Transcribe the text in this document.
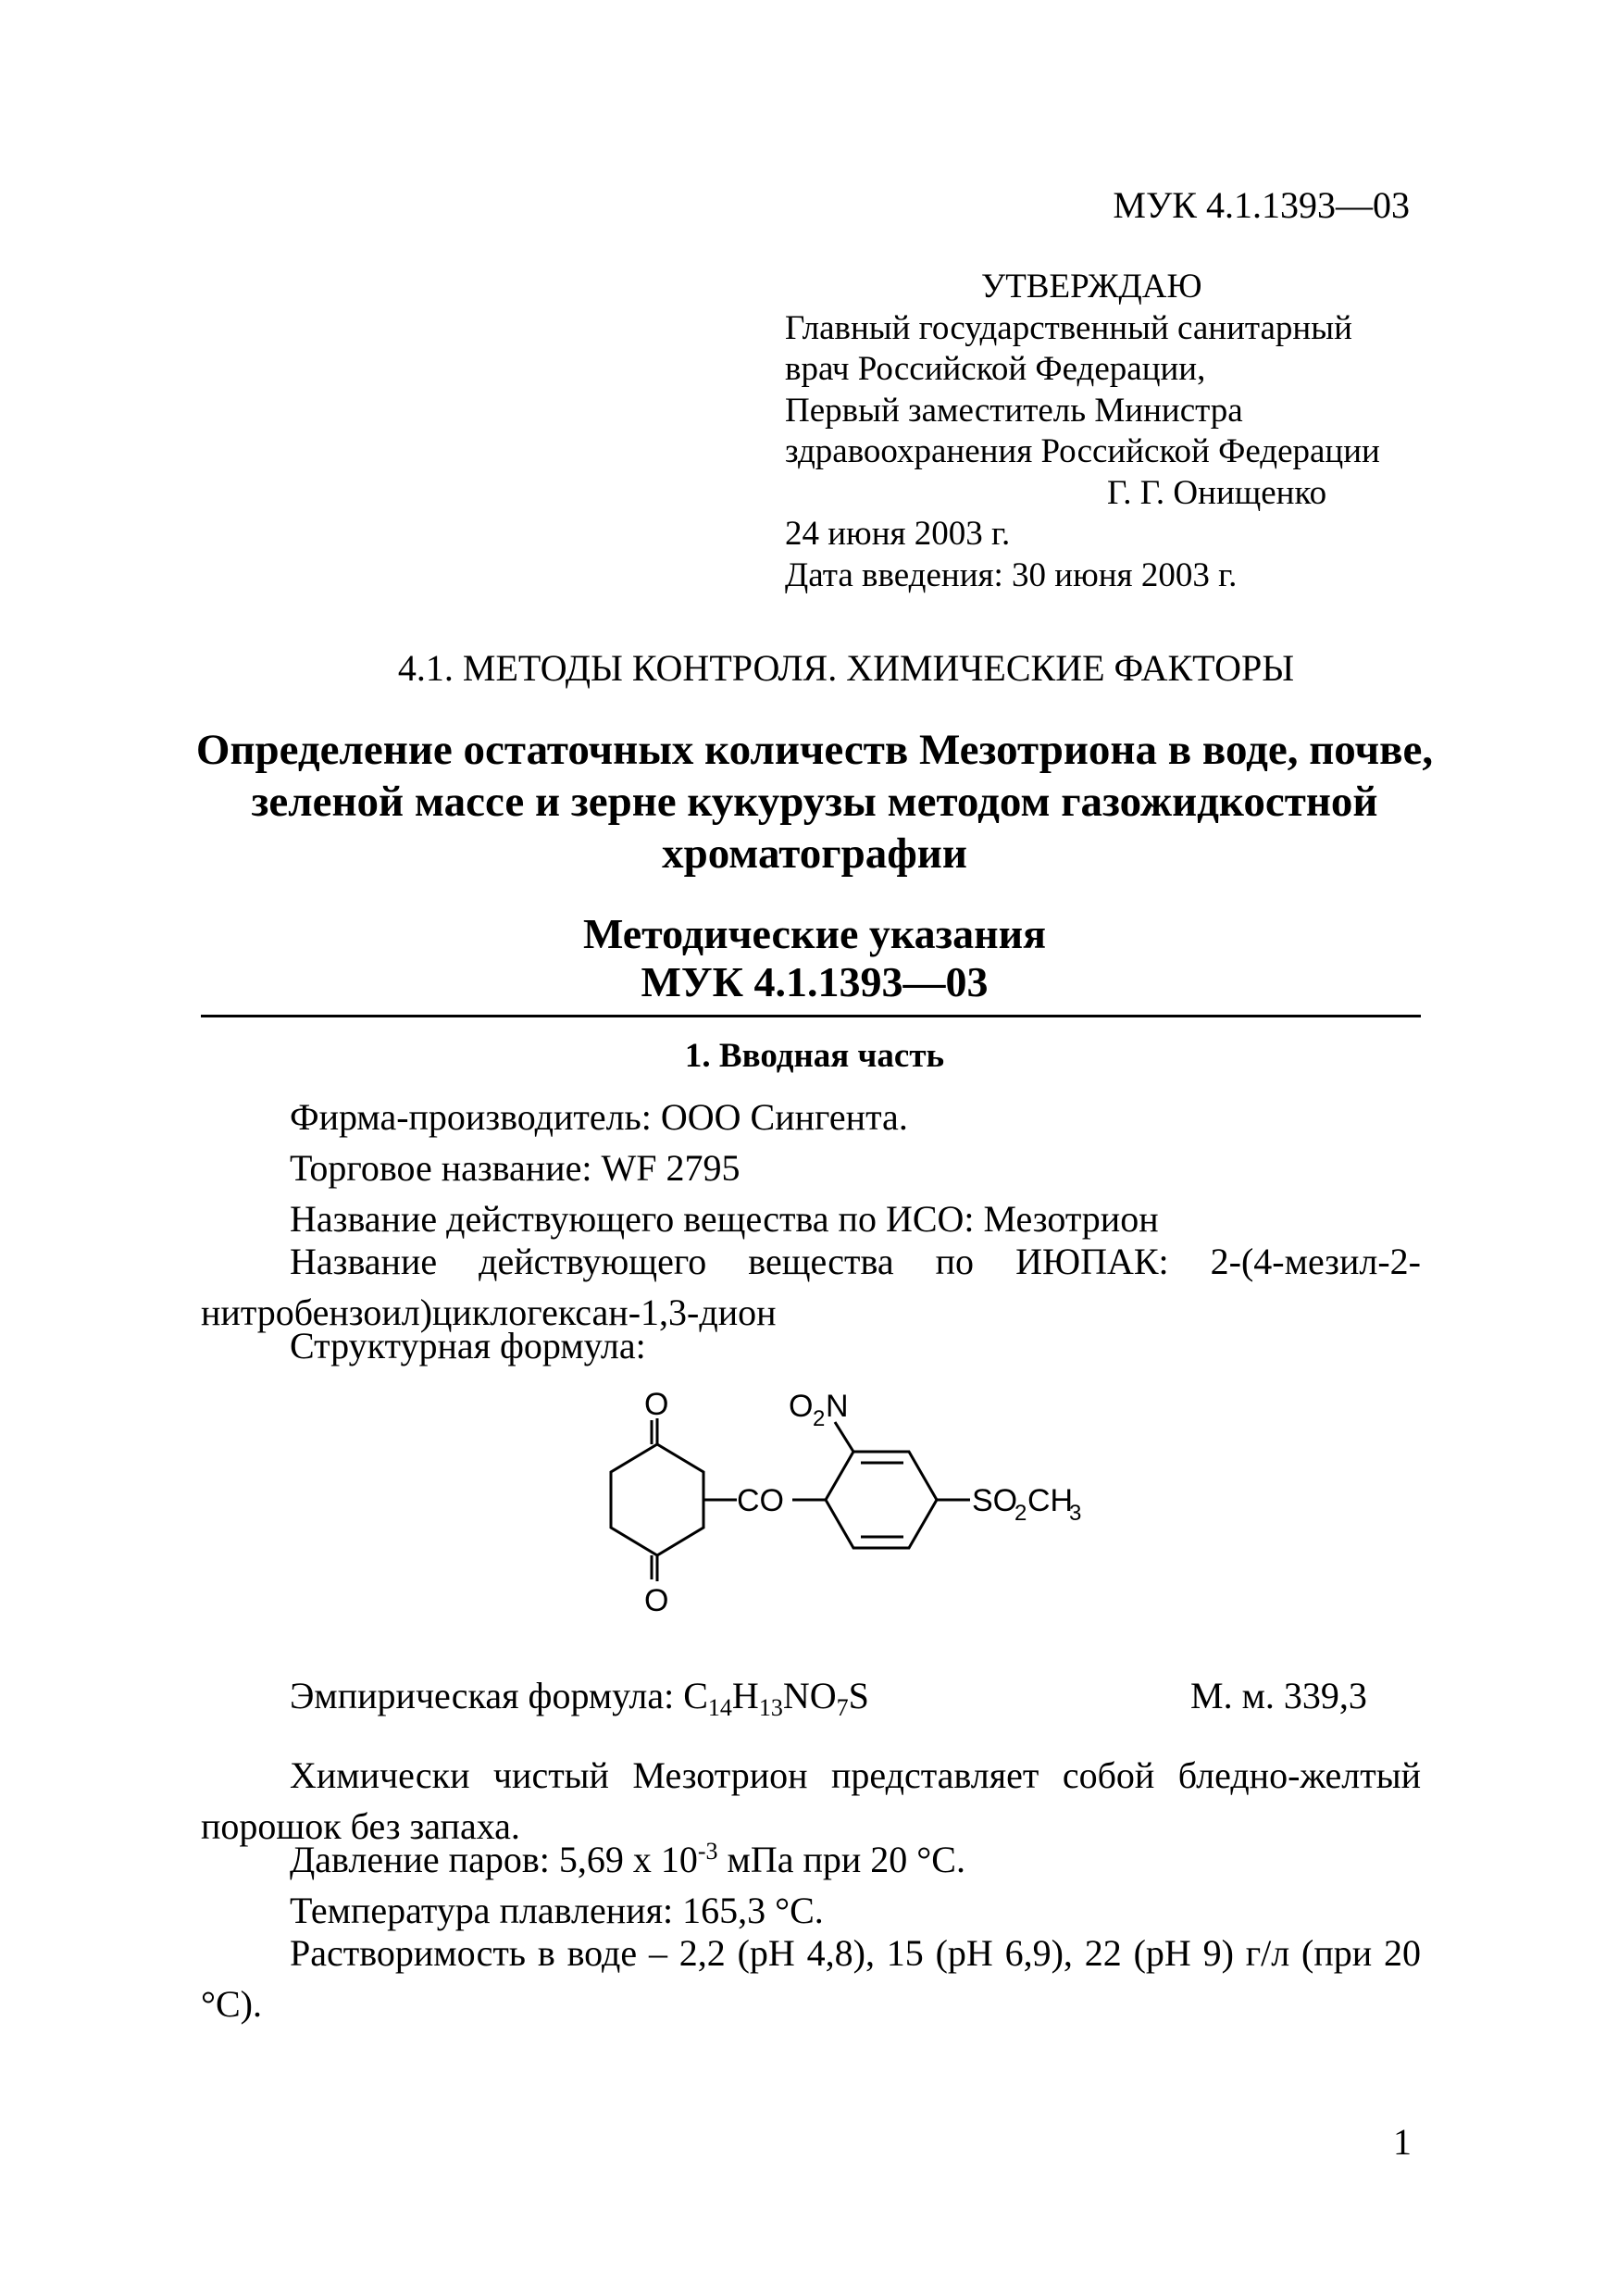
МУК 4.1.1393—03
УТВЕРЖДАЮ
Главный государственный санитарный
врач Российской Федерации,
Первый заместитель Министра
здравоохранения Российской Федерации
Г. Г. Онищенко
24 июня 2003 г.
Дата введения: 30 июня 2003 г.
4.1. МЕТОДЫ КОНТРОЛЯ. ХИМИЧЕСКИЕ ФАКТОРЫ
Определение остаточных количеств Мезотриона в воде, почве, зеленой массе и зерне кукурузы методом газожидкостной хроматографии
Методические указания
МУК 4.1.1393—03
1. Вводная часть

Фирма-производитель: ООО Сингента.

Торговое название: WF 2795

Название действующего вещества по ИСО: Мезотрион

Название действующего вещества по ИЮПАК: 2-(4-мезил-2-нитробензоил)циклогексан-1,3-дион

Структурная формула:

O
O
CO
O 2 N
SO
2 CH
3
Эмпирическая формула: $C_{14}H_{13}NO_7S$	М. м. 339,3

Химически чистый Мезотрион представляет собой бледно-желтый порошок без запаха.

Давление паров: 5,69 х $10^{-3}$ мПа при 20 °С.

Температура плавления: 165,3 °С.

Растворимость в воде – 2,2 (рН 4,8), 15 (рН 6,9), 22 (рН 9) г/л (при 20 °С).

1
